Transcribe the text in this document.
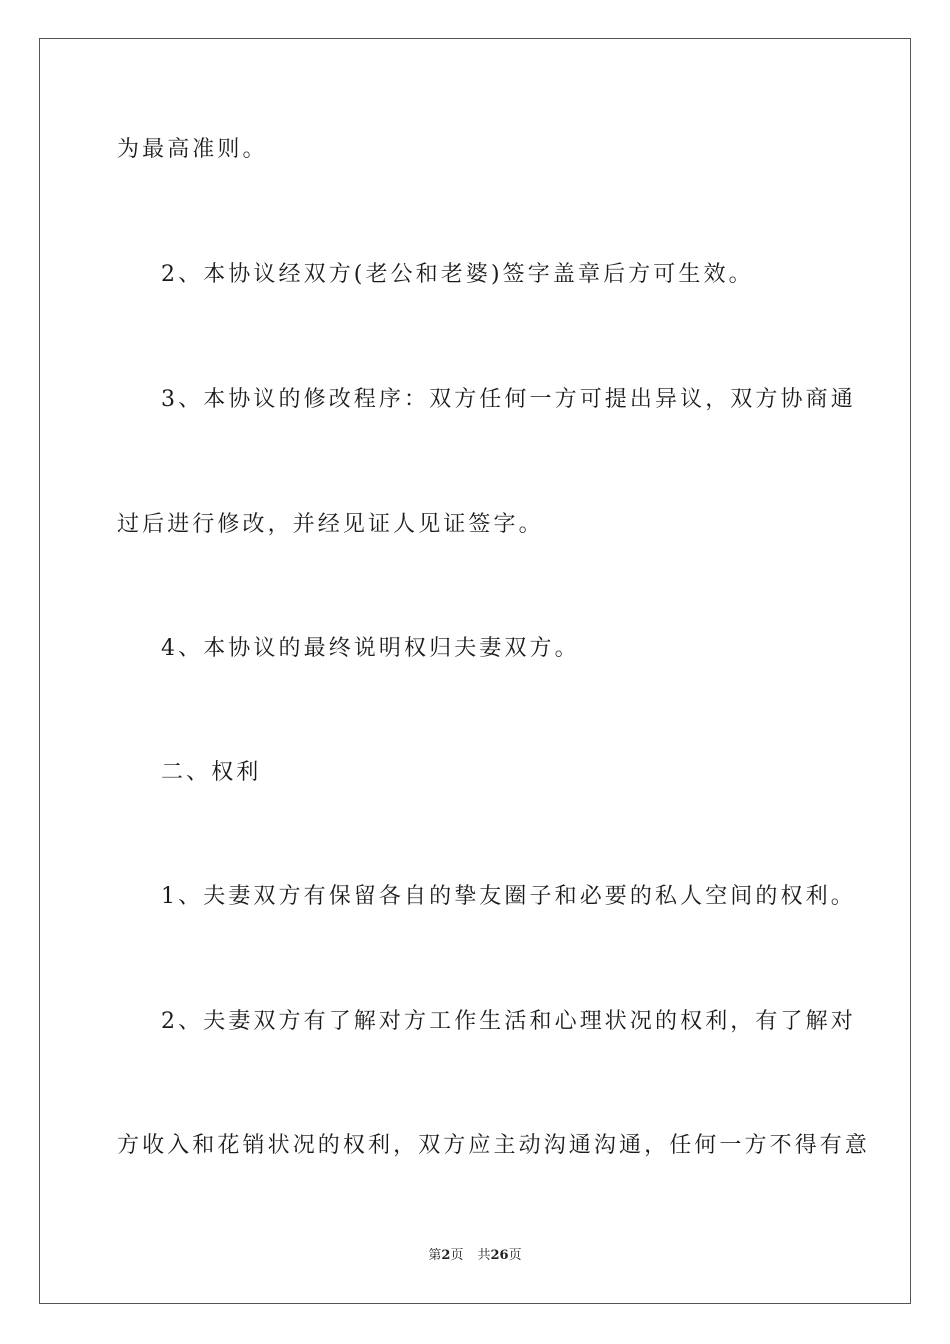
为最高准则。
2、本协议经双方(老公和老婆)签字盖章后方可生效。
3、本协议的修改程序：双方任何一方可提出异议，双方协商通
过后进行修改，并经见证人见证签字。
4、本协议的最终说明权归夫妻双方。
二、权利
1、夫妻双方有保留各自的挚友圈子和必要的私人空间的权利。
2、夫妻双方有了解对方工作生活和心理状况的权利，有了解对
方收入和花销状况的权利，双方应主动沟通沟通，任何一方不得有意
第2页 共26页
